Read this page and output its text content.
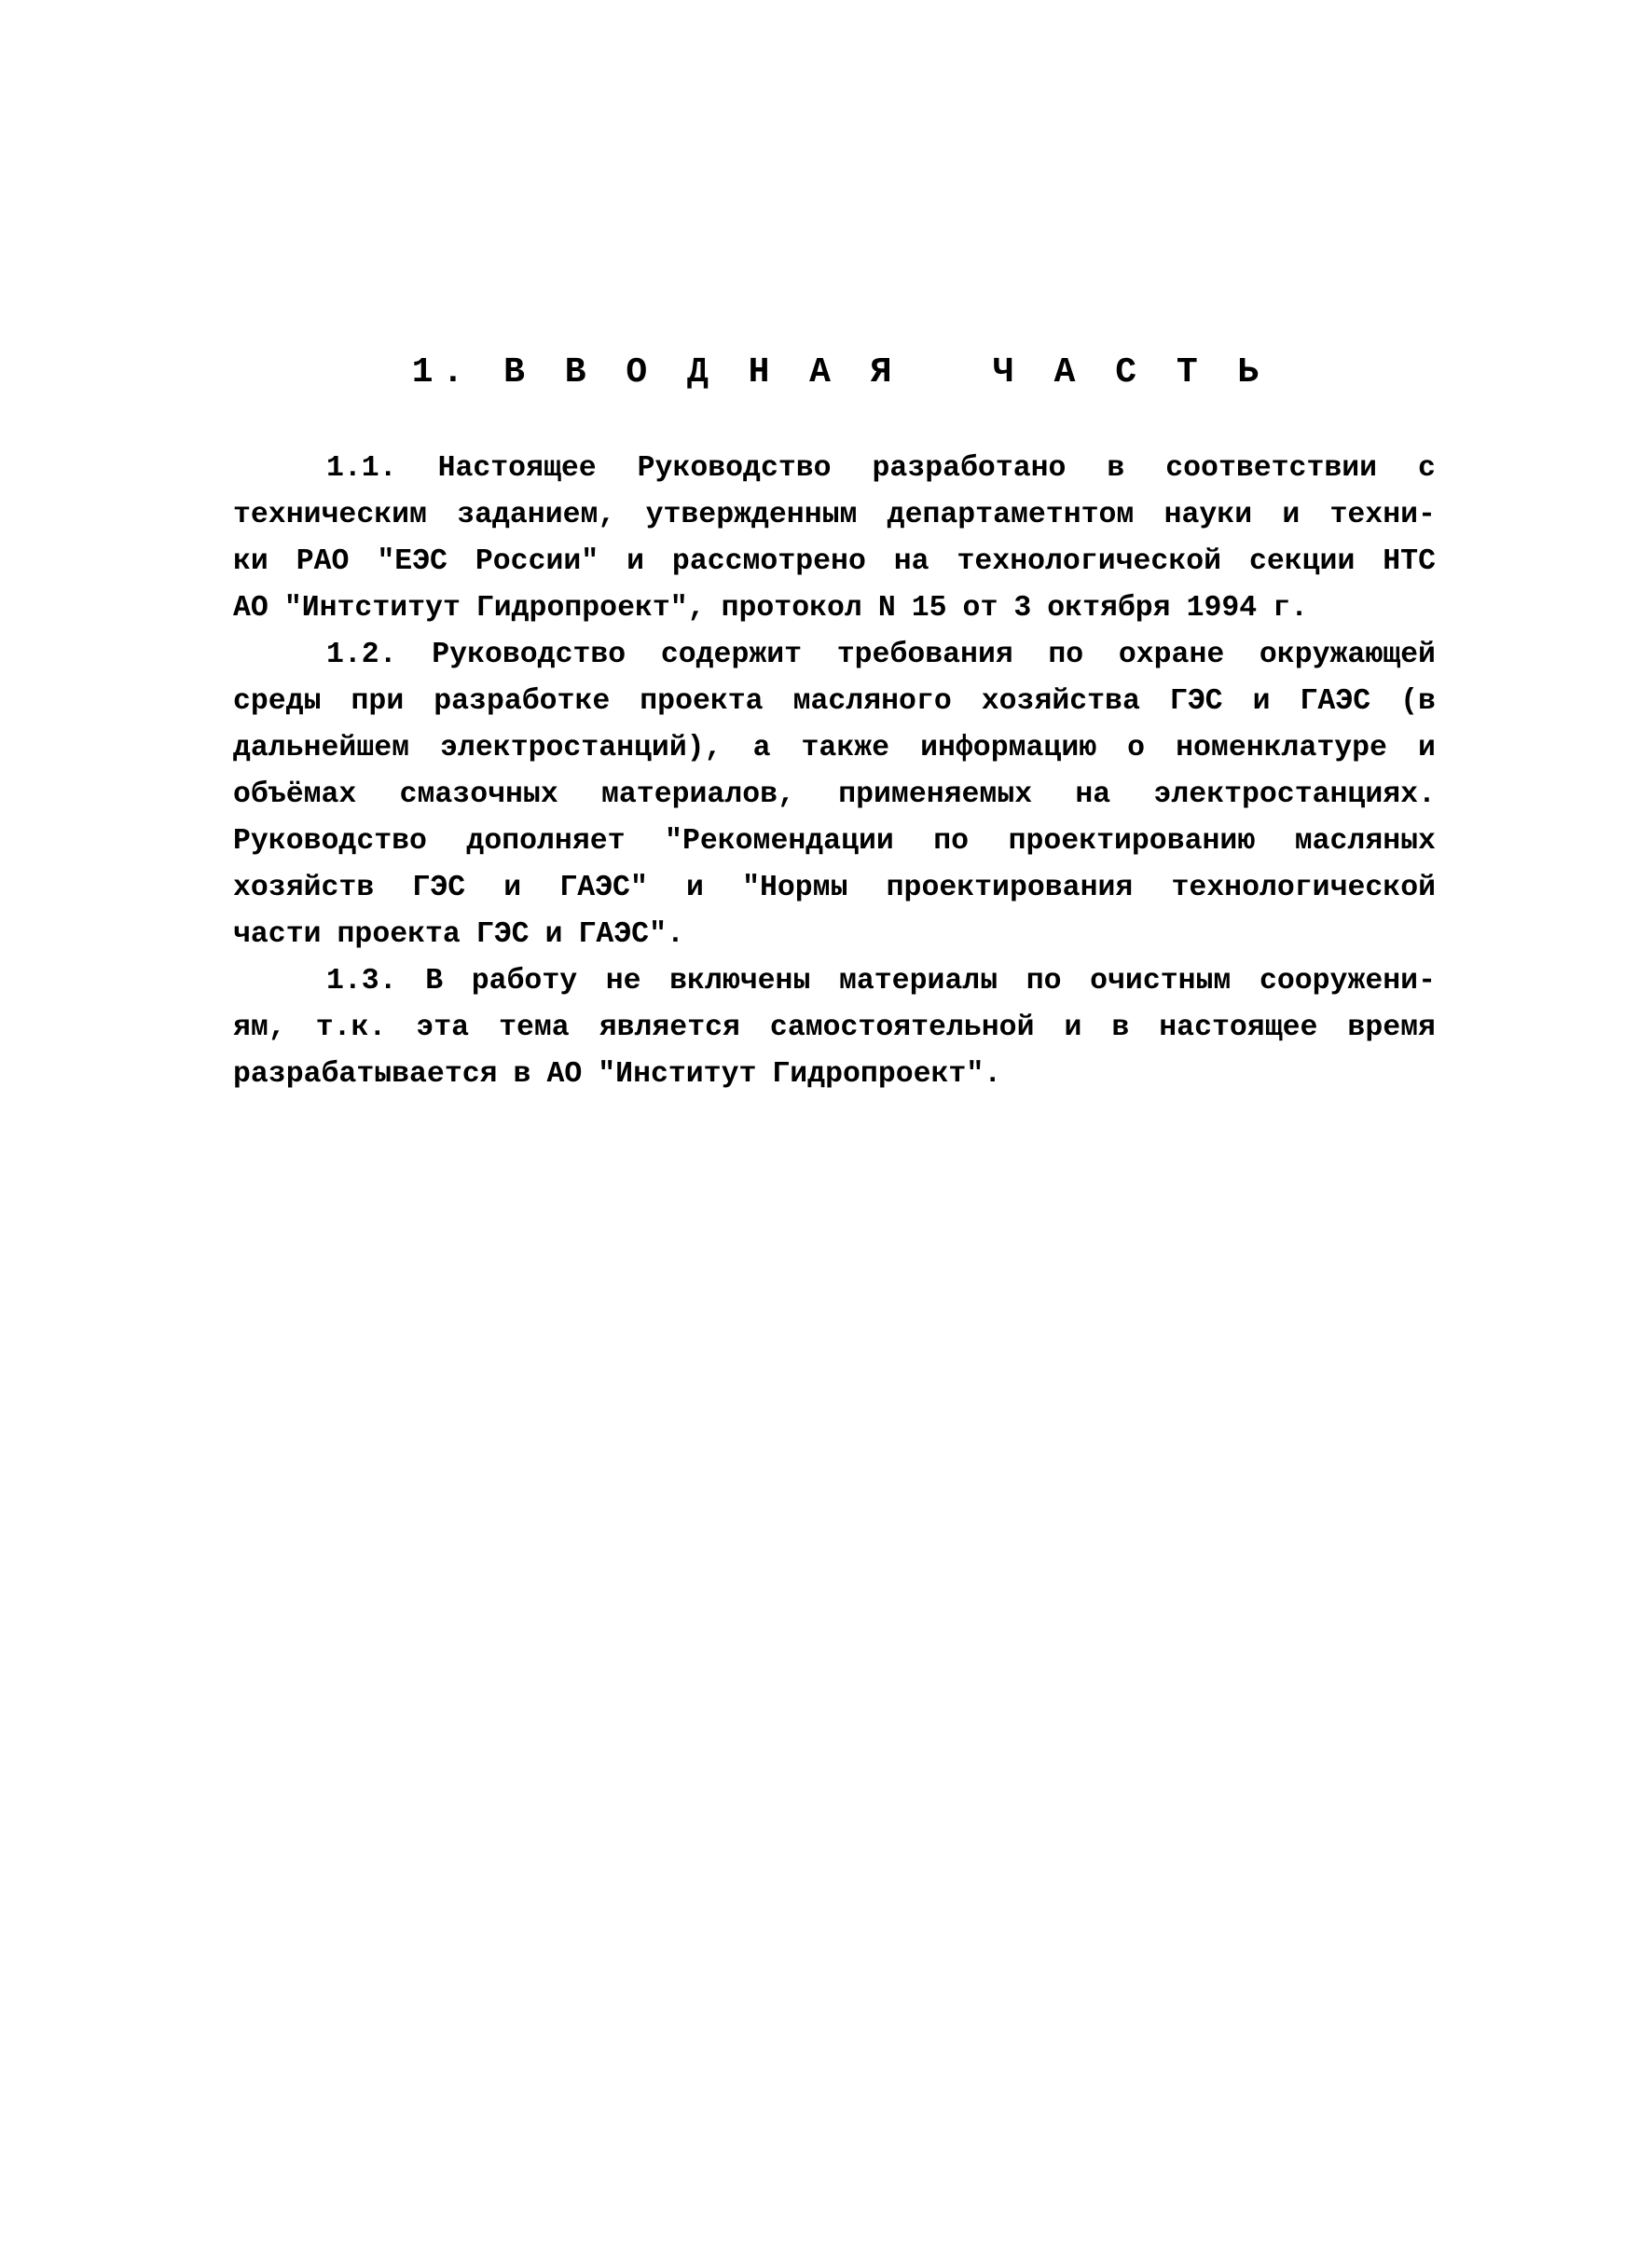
1. В В О Д Н А Я   Ч А С Т Ь
1.1. Настоящее Руководство разработано в соответствии с
техническим заданием, утвержденным департаметнтом науки и техни-
ки РАО "ЕЭС России" и рассмотрено на технологической секции НТС
АО "Интститут Гидропроект", протокол N 15 от 3 октября 1994 г.
1.2. Руководство содержит требования по охране окружающей
среды при разработке проекта масляного хозяйства ГЭС и ГАЭС (в
дальнейшем электростанций), а также информацию о номенклатуре и
объёмах смазочных материалов, применяемых на электростанциях.
Руководство дополняет "Рекомендации по проектированию масляных
хозяйств ГЭС и ГАЭС" и "Нормы проектирования технологической
части проекта ГЭС и ГАЭС".
1.3. В работу не включены материалы по очистным сооружени-
ям, т.к. эта тема является самостоятельной и в настоящее время
разрабатывается в АО "Институт Гидропроект".
